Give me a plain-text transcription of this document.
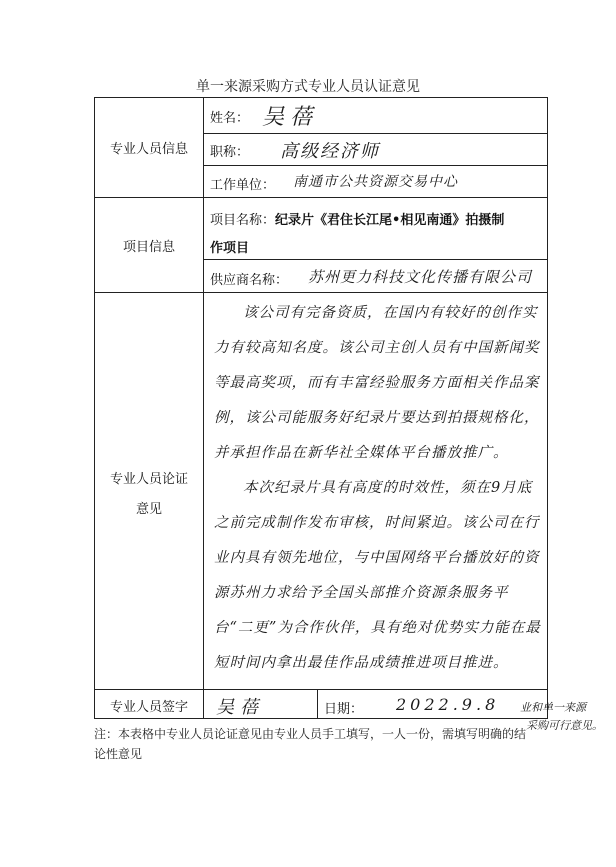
单一来源采购方式专业人员认证意见
专业人员信息
姓名： 吴蓓
职称： 高级经济师
工作单位： 南通市公共资源交易中心
项目信息
项目名称：纪录片《君住长江尾•相见南通》拍摄制
作项目
供应商名称： 苏州更力科技文化传播有限公司
专业人员论证
意见

该公司有完备资质，在国内有较好的创作实力有较高知名度。该公司主创人员有中国新闻奖等最高奖项，而有丰富经验服务方面相关作品案例，该公司能服务好纪录片要达到拍摄规格化，并承担作品在新华社全媒体平台播放推广。

本次纪录片具有高度的时效性，须在9月底之前完成制作发布审核，时间紧迫。该公司在行业内具有领先地位，与中国网络平台播放好的资源苏州力求给予全国头部推介资源条服务平台“二更”为合作伙伴，具有绝对优势实力能在最短时间内拿出最佳作品成绩推进项目推进。

业和单一来源
采购可行意见。
专业人员签字	吴蓓	日期： 2022.9.8
注：本表格中专业人员论证意见由专业人员手工填写，一人一份，需填写明确的结论性意见
